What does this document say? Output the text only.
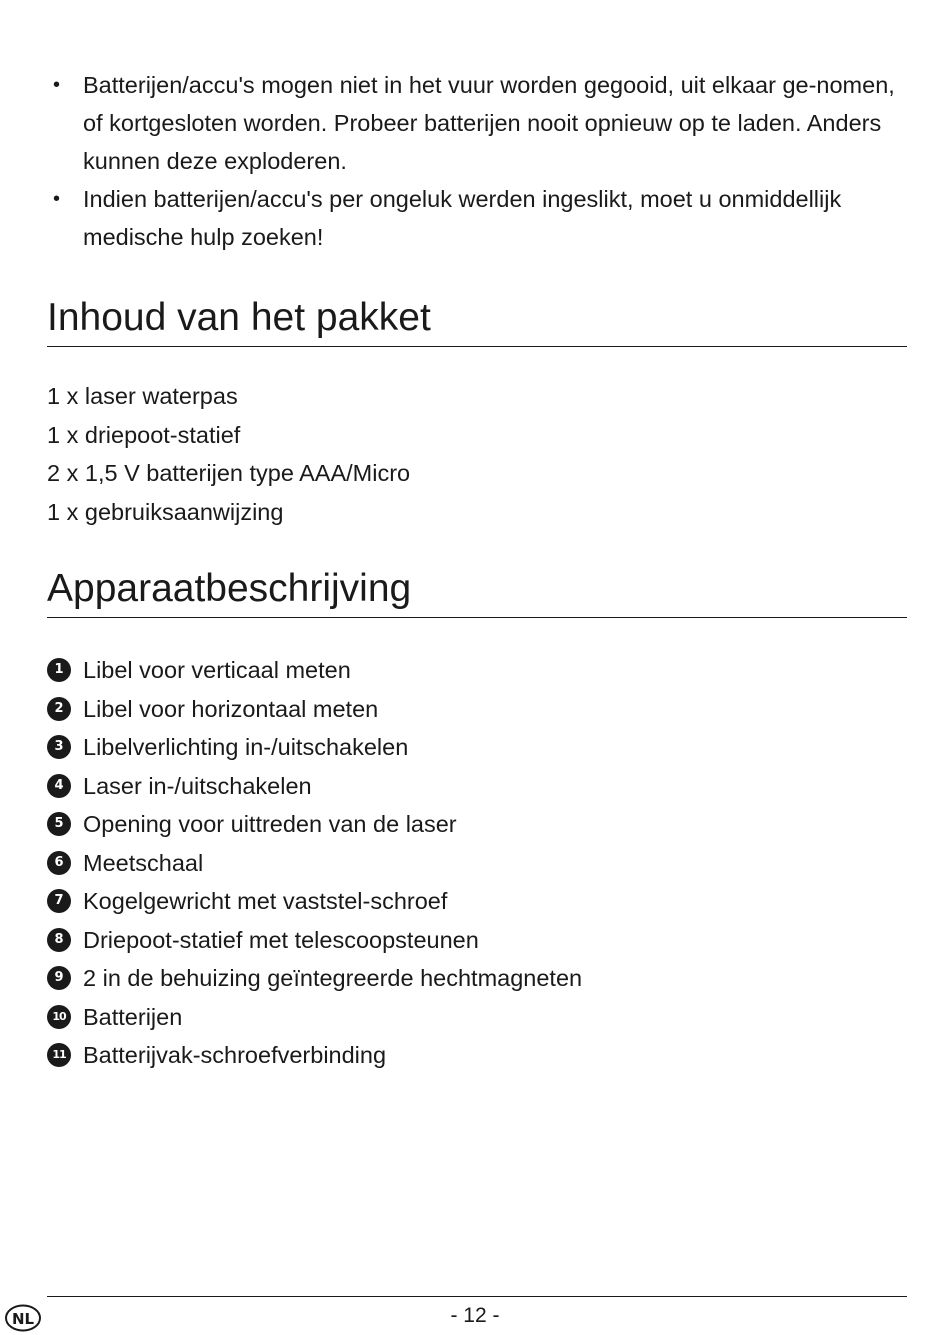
• Batterijen/accu's mogen niet in het vuur worden gegooid, uit elkaar ge-nomen, of kortgesloten worden. Probeer batterijen nooit opnieuw op te laden. Anders kunnen deze exploderen.
• Indien batterijen/accu's per ongeluk werden ingeslikt, moet u onmiddellijk medische hulp zoeken!
Inhoud van het pakket
1 x laser waterpas
1 x driepoot-statief
2 x 1,5 V batterijen type AAA/Micro
1 x gebruiksaanwijzing
Apparaatbeschrijving
1 Libel voor verticaal meten
2 Libel voor horizontaal meten
3 Libelverlichting in-/uitschakelen
4 Laser in-/uitschakelen
5 Opening voor uittreden van de laser
6 Meetschaal
7 Kogelgewricht met vaststel-schroef
8 Driepoot-statief met telescoopsteunen
9 2 in de behuizing geïntegreerde hechtmagneten
10 Batterijen
11 Batterijvak-schroefverbinding
NL	- 12 -
